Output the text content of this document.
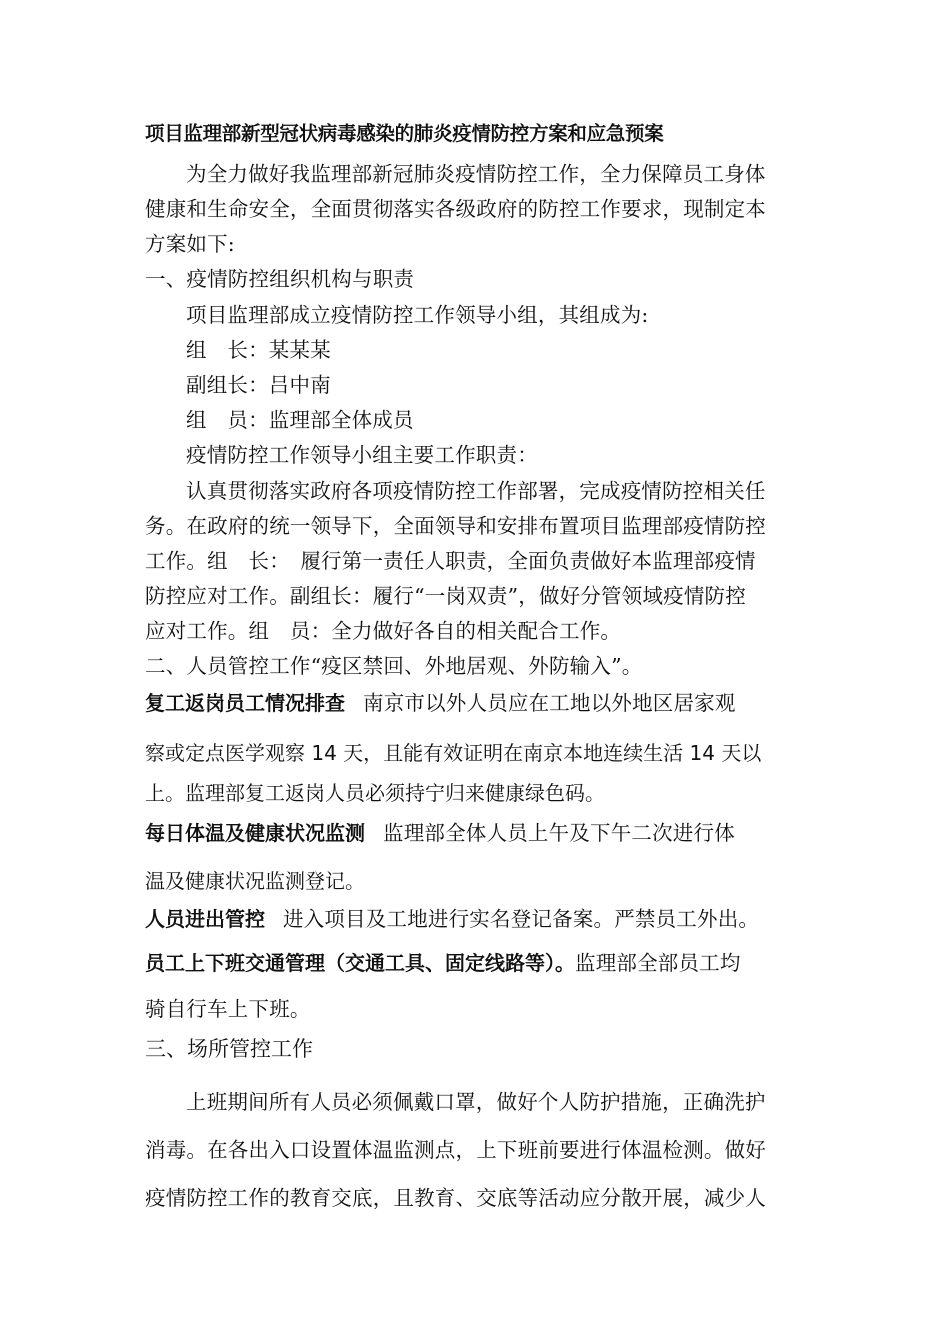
项目监理部新型冠状病毒感染的肺炎疫情防控方案和应急预案
为全力做好我监理部新冠肺炎疫情防控工作，全力保障员工身体
健康和生命安全，全面贯彻落实各级政府的防控工作要求，现制定本
方案如下:
一、疫情防控组织机构与职责
项目监理部成立疫情防控工作领导小组，其组成为:
组　长：某某某
副组长：吕中南
组　员：监理部全体成员
疫情防控工作领导小组主要工作职责：
认真贯彻落实政府各项疫情防控工作部署，完成疫情防控相关任
务。在政府的统一领导下，全面领导和安排布置项目监理部疫情防控
工作。组　长：　履行第一责任人职责，全面负责做好本监理部疫情
防控应对工作。副组长：履行“一岗双责”，做好分管领域疫情防控
应对工作。组　员：全力做好各自的相关配合工作。
二、人员管控工作“疫区禁回、外地居观、外防输入”。
复工返岗员工情况排查 南京市以外人员应在工地以外地区居家观
察或定点医学观察 14 天，且能有效证明在南京本地连续生活 14 天以
上。监理部复工返岗人员必须持宁归来健康绿色码。
每日体温及健康状况监测 监理部全体人员上午及下午二次进行体
温及健康状况监测登记。
人员进出管控 进入项目及工地进行实名登记备案。严禁员工外出。
员工上下班交通管理（交通工具、固定线路等）。监理部全部员工均
骑自行车上下班。
三、场所管控工作
上班期间所有人员必须佩戴口罩，做好个人防护措施，正确洗护
消毒。在各出入口设置体温监测点，上下班前要进行体温检测。做好
疫情防控工作的教育交底，且教育、交底等活动应分散开展，减少人
